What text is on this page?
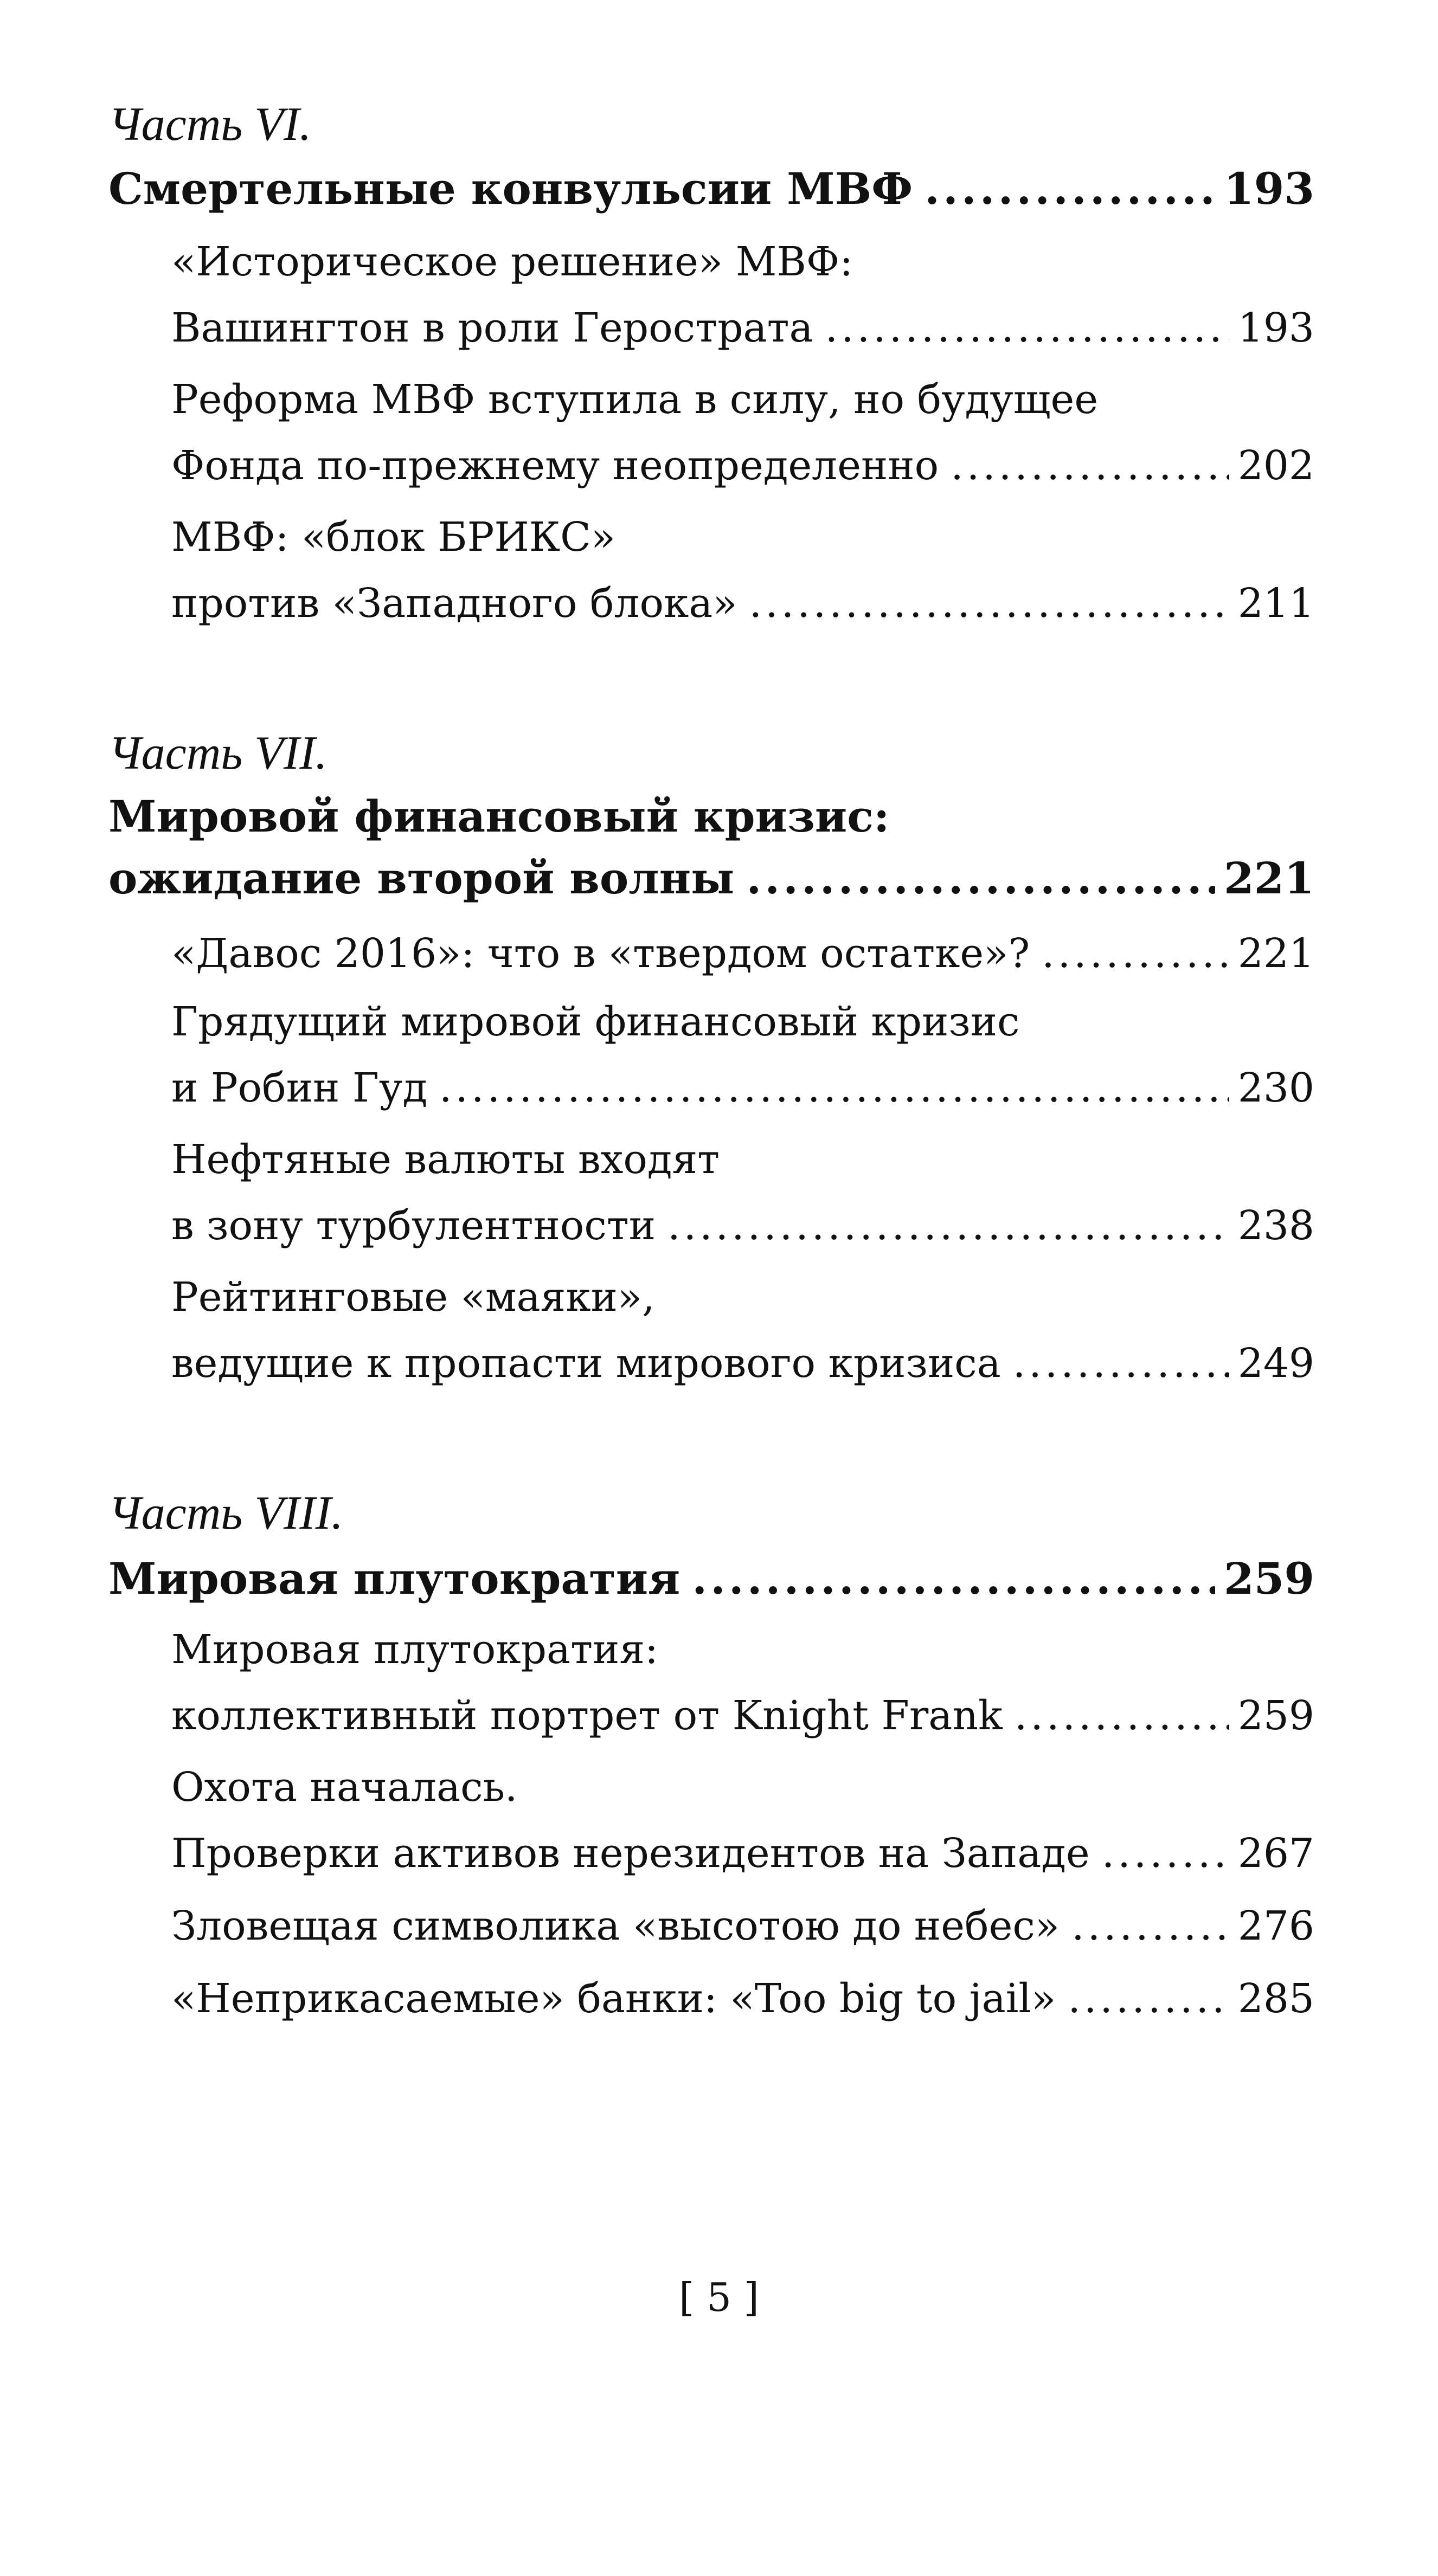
Часть VI.
Смертельные конвульсии МВФ .....	193
«Историческое решение» МВФ:
Вашингтон в роли Герострата .....	193
Реформа МВФ вступила в силу, но будущее
Фонда по-прежнему неопределенно .....	202
МВФ: «блок БРИКС»
против «Западного блока» .....	211
Часть VII.
Мировой финансовый кризис:
ожидание второй волны .....	221
«Давос 2016»: что в «твердом остатке»? .....	221
Грядущий мировой финансовый кризис
и Робин Гуд .....	230
Нефтяные валюты входят
в зону турбулентности .....	238
Рейтинговые «маяки»,
ведущие к пропасти мирового кризиса .....	249
Часть VIII.
Мировая плутократия .....	259
Мировая плутократия:
коллективный портрет от Knight Frank .....	259
Охота началась.
Проверки активов нерезидентов на Западе .....	267
Зловещая символика «высотою до небес» .....	276
«Неприкасаемые» банки: «Too big to jail» .....	285
[ 5 ]
